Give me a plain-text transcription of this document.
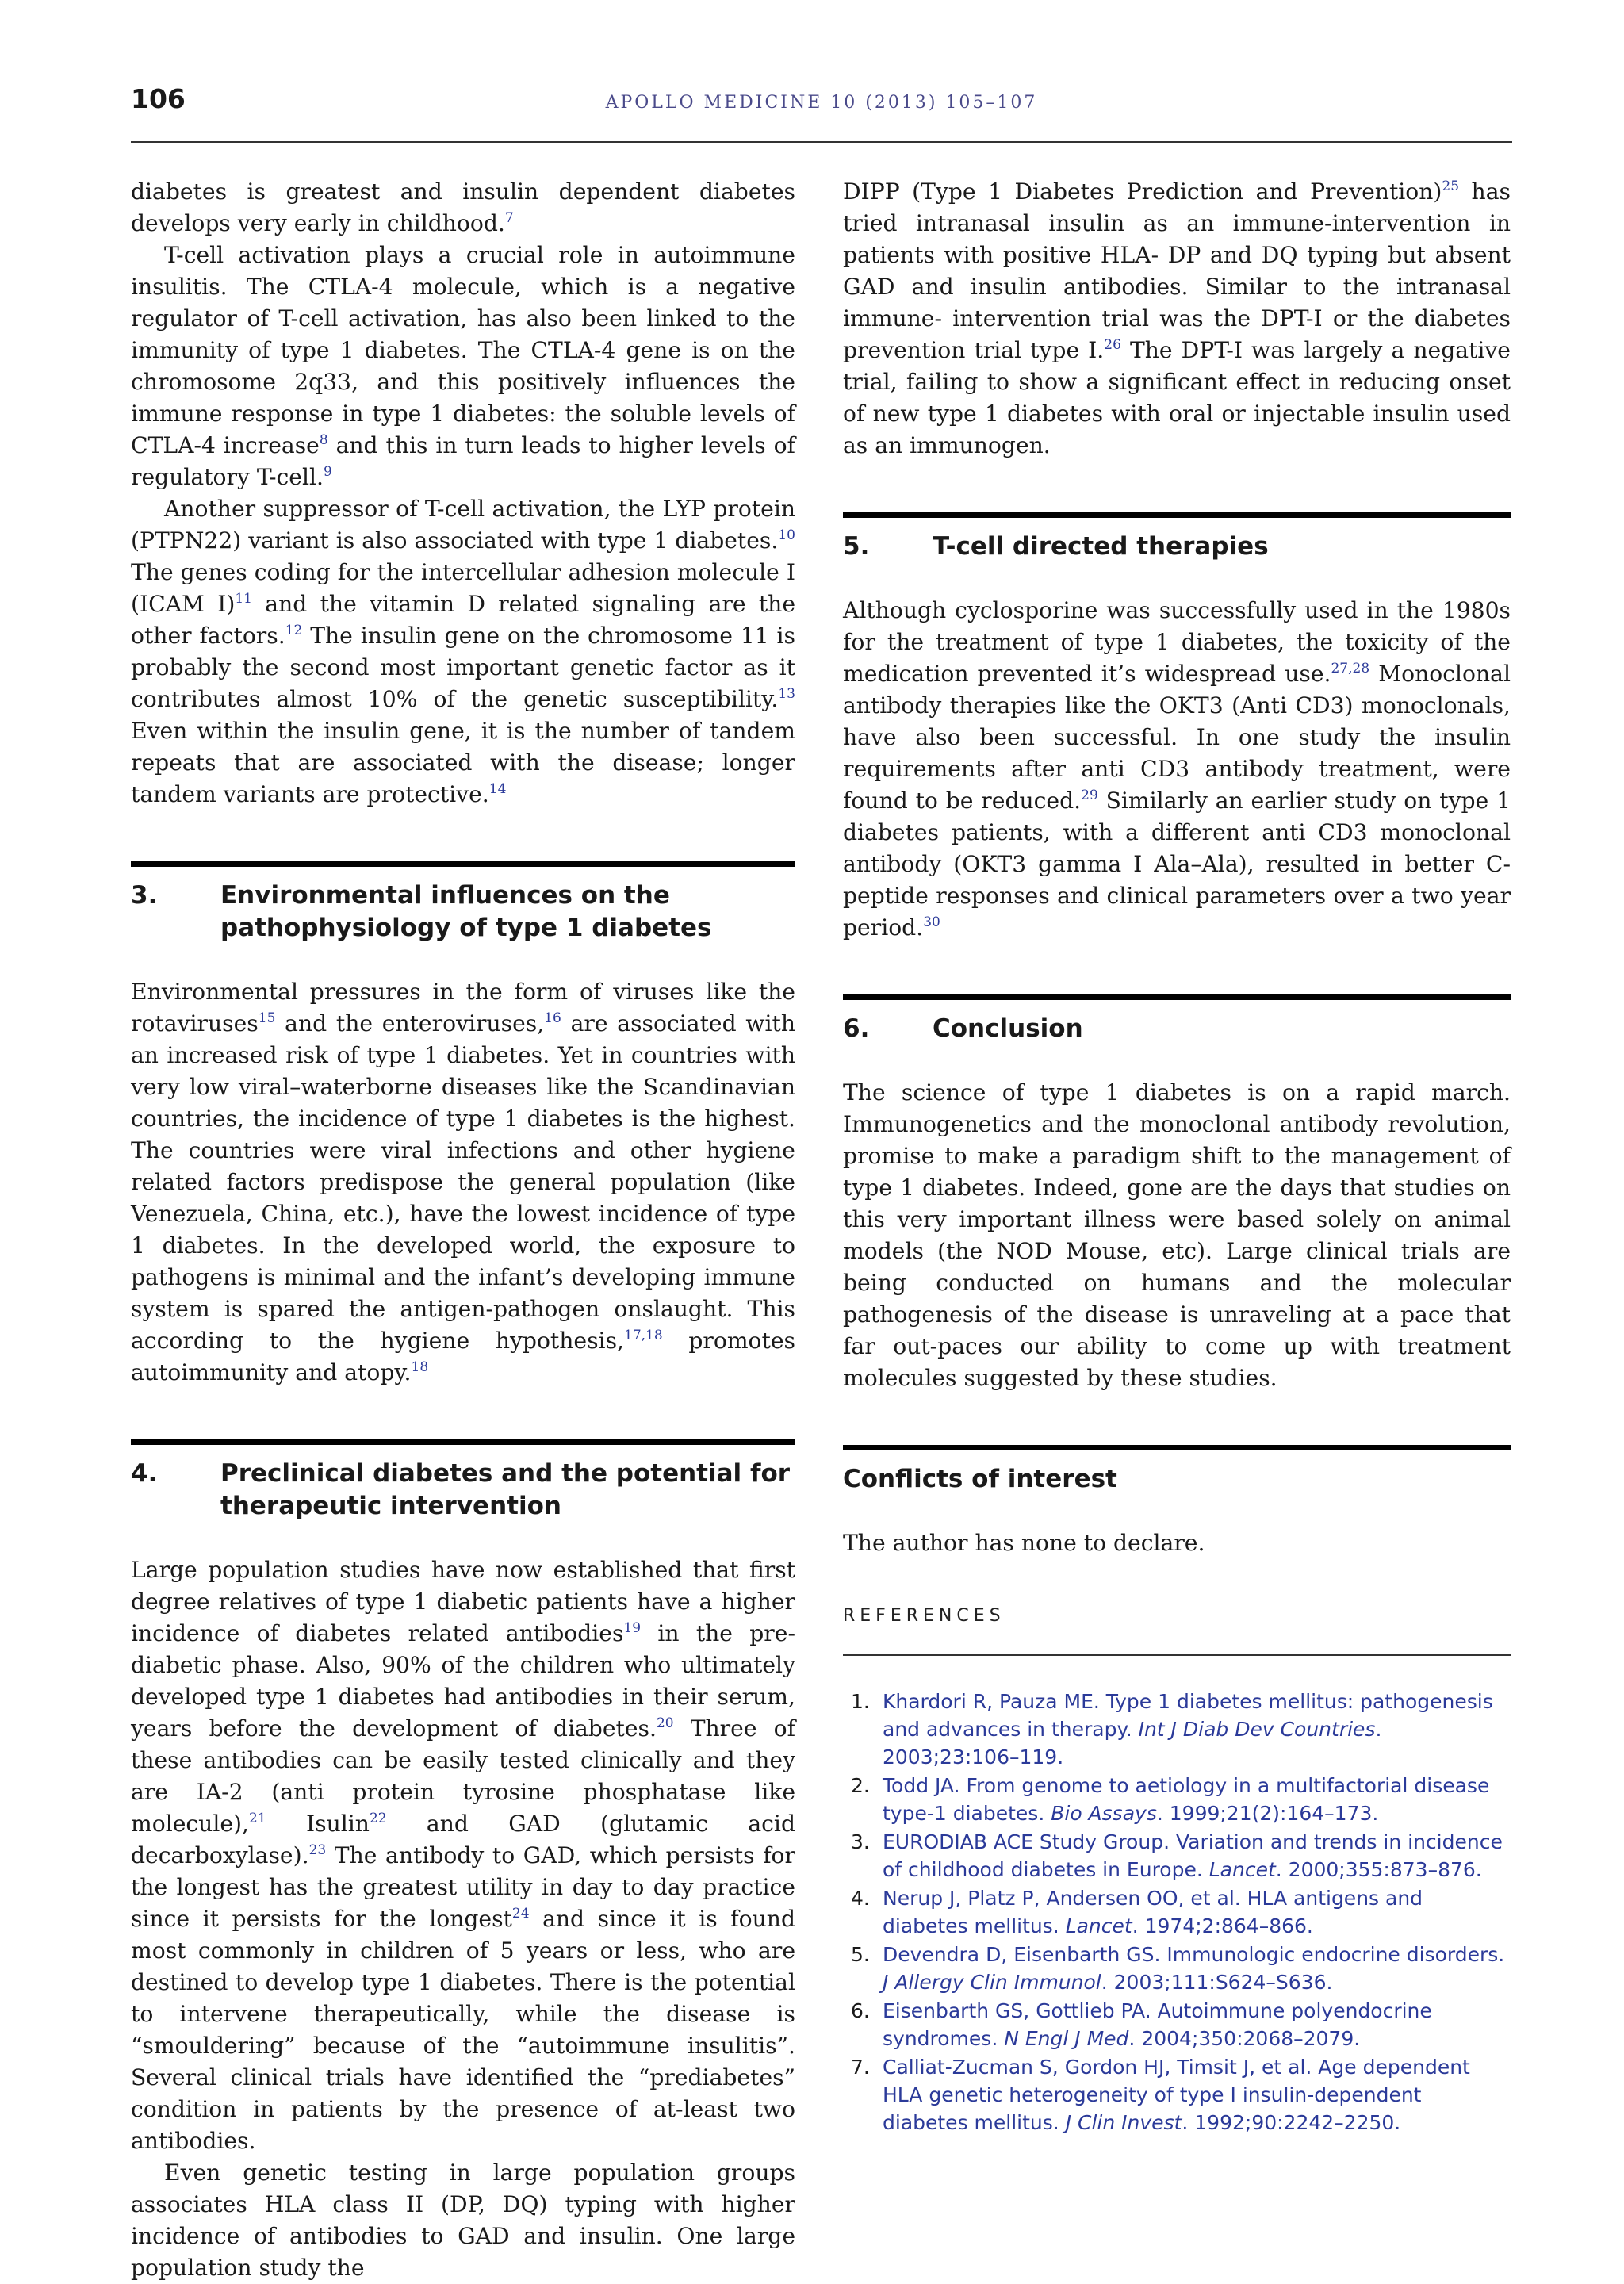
106	APOLLO MEDICINE 10 (2013) 105–107

diabetes is greatest and insulin dependent diabetes develops very early in childhood.$^7$

T-cell activation plays a crucial role in autoimmune insulitis. The CTLA-4 molecule, which is a negative regulator of T-cell activation, has also been linked to the immunity of type 1 diabetes. The CTLA-4 gene is on the chromosome 2q33, and this positively influences the immune response in type 1 diabetes: the soluble levels of CTLA-4 increase$^8$ and this in turn leads to higher levels of regulatory T-cell.$^9$

Another suppressor of T-cell activation, the LYP protein (PTPN22) variant is also associated with type 1 diabetes.$^{10}$ The genes coding for the intercellular adhesion molecule I (ICAM I)$^{11}$ and the vitamin D related signaling are the other factors.$^{12}$ The insulin gene on the chromosome 11 is probably the second most important genetic factor as it contributes almost 10% of the genetic susceptibility.$^{13}$ Even within the insulin gene, it is the number of tandem repeats that are associated with the disease; longer tandem variants are protective.$^{14}$

3.	Environmental influences on the pathophysiology of type 1 diabetes

Environmental pressures in the form of viruses like the rotaviruses$^{15}$ and the enteroviruses,$^{16}$ are associated with an increased risk of type 1 diabetes. Yet in countries with very low viral–waterborne diseases like the Scandinavian countries, the incidence of type 1 diabetes is the highest. The countries were viral infections and other hygiene related factors predispose the general population (like Venezuela, China, etc.), have the lowest incidence of type 1 diabetes. In the developed world, the exposure to pathogens is minimal and the infant’s developing immune system is spared the antigen-pathogen onslaught. This according to the hygiene hypothesis,$^{17,18}$ promotes autoimmunity and atopy.$^{18}$

4.	Preclinical diabetes and the potential for therapeutic intervention

Large population studies have now established that first degree relatives of type 1 diabetic patients have a higher incidence of diabetes related antibodies$^{19}$ in the pre-diabetic phase. Also, 90% of the children who ultimately developed type 1 diabetes had antibodies in their serum, years before the development of diabetes.$^{20}$ Three of these antibodies can be easily tested clinically and they are IA-2 (anti protein tyrosine phosphatase like molecule),$^{21}$ Isulin$^{22}$ and GAD (glutamic acid decarboxylase).$^{23}$ The antibody to GAD, which persists for the longest has the greatest utility in day to day practice since it persists for the longest$^{24}$ and since it is found most commonly in children of 5 years or less, who are destined to develop type 1 diabetes. There is the potential to intervene therapeutically, while the disease is “smouldering” because of the “autoimmune insulitis”. Several clinical trials have identified the “prediabetes” condition in patients by the presence of at-least two antibodies.

Even genetic testing in large population groups associates HLA class II (DP, DQ) typing with higher incidence of antibodies to GAD and insulin. One large population study the

DIPP (Type 1 Diabetes Prediction and Prevention)$^{25}$ has tried intranasal insulin as an immune-intervention in patients with positive HLA- DP and DQ typing but absent GAD and insulin antibodies. Similar to the intranasal immune- intervention trial was the DPT-I or the diabetes prevention trial type I.$^{26}$ The DPT-I was largely a negative trial, failing to show a significant effect in reducing onset of new type 1 diabetes with oral or injectable insulin used as an immunogen.

5.	T-cell directed therapies

Although cyclosporine was successfully used in the 1980s for the treatment of type 1 diabetes, the toxicity of the medication prevented it’s widespread use.$^{27,28}$ Monoclonal antibody therapies like the OKT3 (Anti CD3) monoclonals, have also been successful. In one study the insulin requirements after anti CD3 antibody treatment, were found to be reduced.$^{29}$ Similarly an earlier study on type 1 diabetes patients, with a different anti CD3 monoclonal antibody (OKT3 gamma I Ala–Ala), resulted in better C-peptide responses and clinical parameters over a two year period.$^{30}$

6.	Conclusion

The science of type 1 diabetes is on a rapid march. Immunogenetics and the monoclonal antibody revolution, promise to make a paradigm shift to the management of type 1 diabetes. Indeed, gone are the days that studies on this very important illness were based solely on animal models (the NOD Mouse, etc). Large clinical trials are being conducted on humans and the molecular pathogenesis of the disease is unraveling at a pace that far out-paces our ability to come up with treatment molecules suggested by these studies.

Conflicts of interest

The author has none to declare.

REFERENCES
1. Khardori R, Pauza ME. Type 1 diabetes mellitus: pathogenesis and advances in therapy. Int J Diab Dev Countries. 2003;23:106–119.
2. Todd JA. From genome to aetiology in a multifactorial disease type-1 diabetes. Bio Assays. 1999;21(2):164–173.
3. EURODIAB ACE Study Group. Variation and trends in incidence of childhood diabetes in Europe. Lancet. 2000;355:873–876.
4. Nerup J, Platz P, Andersen OO, et al. HLA antigens and diabetes mellitus. Lancet. 1974;2:864–866.
5. Devendra D, Eisenbarth GS. Immunologic endocrine disorders. J Allergy Clin Immunol. 2003;111:S624–S636.
6. Eisenbarth GS, Gottlieb PA. Autoimmune polyendocrine syndromes. N Engl J Med. 2004;350:2068–2079.
7. Calliat-Zucman S, Gordon HJ, Timsit J, et al. Age dependent HLA genetic heterogeneity of type I insulin-dependent diabetes mellitus. J Clin Invest. 1992;90:2242–2250.
